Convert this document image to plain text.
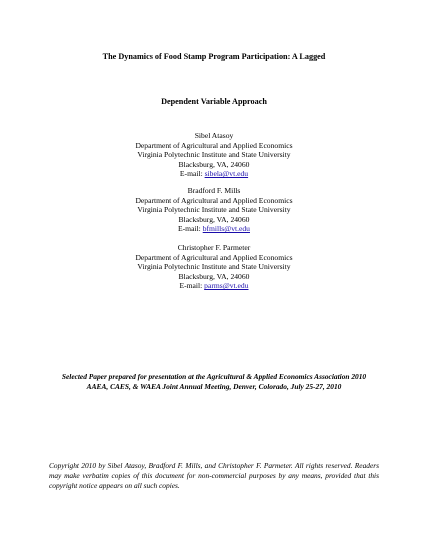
The Dynamics of Food Stamp Program Participation: A Lagged
Dependent Variable Approach
Sibel Atasoy
Department of Agricultural and Applied Economics
Virginia Polytechnic Institute and State University
Blacksburg, VA, 24060
E-mail: sibela@vt.edu
Bradford F. Mills
Department of Agricultural and Applied Economics
Virginia Polytechnic Institute and State University
Blacksburg, VA, 24060
E-mail: bfmills@vt.edu
Christopher F. Parmeter
Department of Agricultural and Applied Economics
Virginia Polytechnic Institute and State University
Blacksburg, VA, 24060
E-mail: parms@vt.edu
Selected Paper prepared for presentation at the Agricultural & Applied Economics Association 2010
AAEA, CAES, & WAEA Joint Annual Meeting, Denver, Colorado, July 25-27, 2010
Copyright 2010 by Sibel Atasoy, Bradford F. Mills, and Christopher F. Parmeter. All rights reserved. Readers may make verbatim copies of this document for non-commercial purposes by any means, provided that this copyright notice appears on all such copies.
